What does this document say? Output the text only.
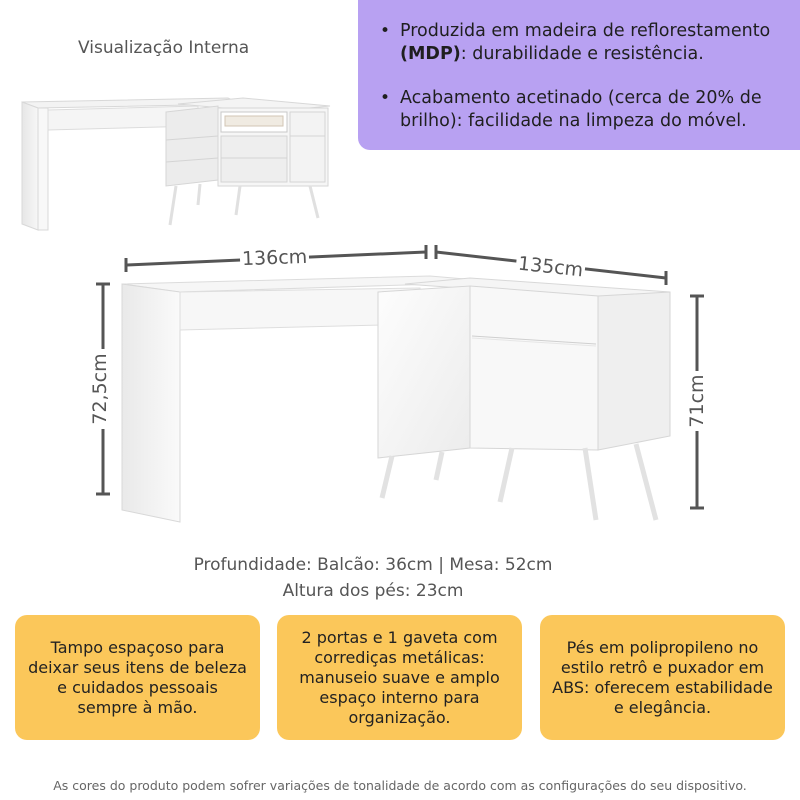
Visualização Interna
• Produzida em madeira de reflorestamento (MDP): durabilidade e resistência.
• Acabamento acetinado (cerca de 20% de brilho): facilidade na limpeza do móvel.
136cm	135cm
72,5cm	71cm
Profundidade: Balcão: 36cm | Mesa: 52cm
Altura dos pés: 23cm
Tampo espaçoso para deixar seus itens de beleza e cuidados pessoais sempre à mão.
2 portas e 1 gaveta com corrediças metálicas: manuseio suave e amplo espaço interno para organização.
Pés em polipropileno no estilo retrô e puxador em ABS: oferecem estabilidade e elegância.
As cores do produto podem sofrer variações de tonalidade de acordo com as configurações do seu dispositivo.
